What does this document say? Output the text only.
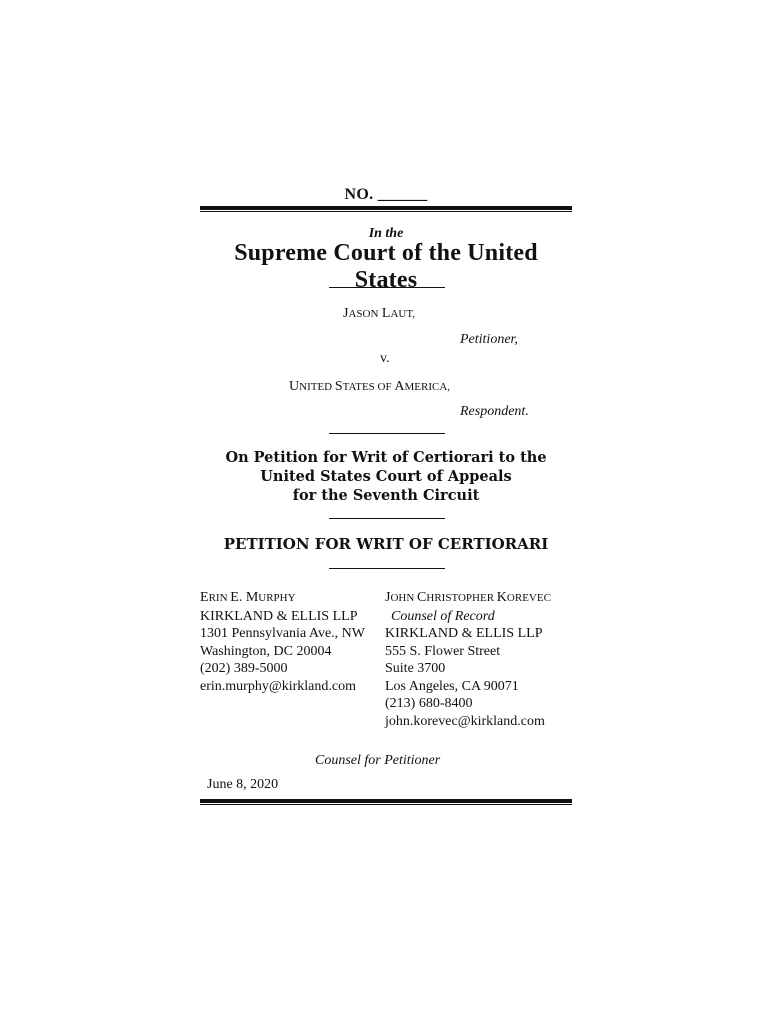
NO. ______
In the
Supreme Court of the United States
JASON LAUT,
Petitioner,
v.
UNITED STATES OF AMERICA,
Respondent.
On Petition for Writ of Certiorari to the
United States Court of Appeals
for the Seventh Circuit
PETITION FOR WRIT OF CERTIORARI
ERIN E. MURPHY
KIRKLAND & ELLIS LLP
1301 Pennsylvania Ave., NW
Washington, DC 20004
(202) 389-5000
erin.murphy@kirkland.com
JOHN CHRISTOPHER KOREVEC
Counsel of Record
KIRKLAND & ELLIS LLP
555 S. Flower Street
Suite 3700
Los Angeles, CA 90071
(213) 680-8400
john.korevec@kirkland.com
Counsel for Petitioner
June 8, 2020
